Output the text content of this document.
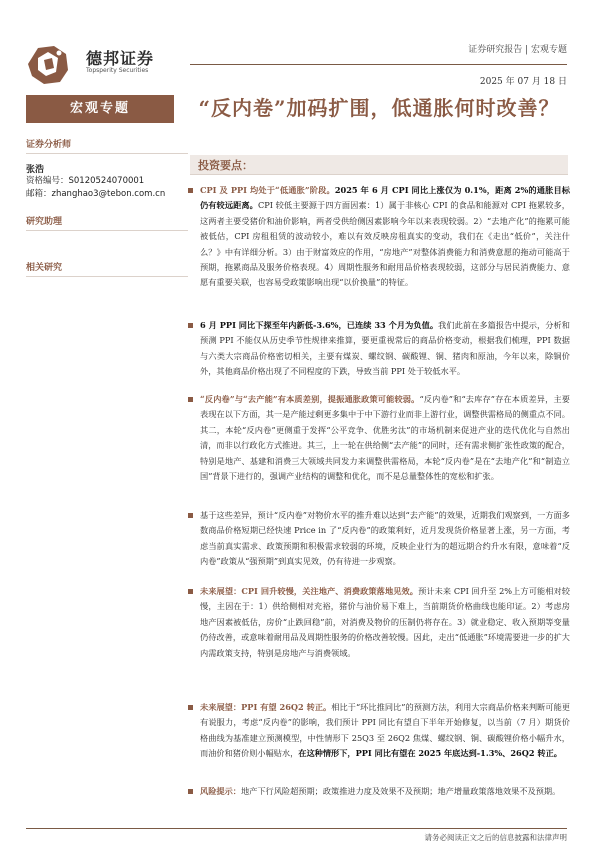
德邦证券
Topsperity Securities
证券研究报告 | 宏观专题
2025 年 07 月 18 日
宏观专题
证券分析师
张浩
资格编号：S0120524070001
邮箱：zhanghao3@tebon.com.cn
研究助理
相关研究
“反内卷”加码扩围，低通胀何时改善？
投资要点：
CPI 及 PPI 均处于“低通胀”阶段。2025 年 6 月 CPI 同比上涨仅为 0.1%，距离 2%的通胀目标仍有较远距离。CPI 较低主要源于四方面因素：1）属于非核心 CPI 的食品和能源对 CPI 拖累较多，这两者主要受猪价和油价影响，两者受供给侧因素影响今年以来表现较弱。2）“去地产化”的拖累可能被低估，CPI 房租租赁的波动较小，难以有效反映房租真实的变动，我们在《走出“低价”，关注什么？》中有详细分析。3）由于财富效应的作用，“房地产”对整体消费能力和消费意愿的拖动可能高于预期，拖累商品及服务价格表现。4）周期性服务和耐用品价格表现较弱，这部分与居民消费能力、意愿有重要关联，也容易受政策影响出现“以价换量”的特征。
6 月 PPI 同比下探至年内新低-3.6%，已连续 33 个月为负值。我们此前在多篇报告中提示，分析和预测 PPI 不能仅从历史季节性规律来推算，要更重视常后的商品价格变动，根据我们梳理，PPI 数据与六类大宗商品价格密切相关，主要有煤炭、螺纹钢、碳酸锂、铜、猪肉和原油，今年以来，除铜价外，其他商品价格出现了不同程度的下跌，导致当前 PPI 处于较低水平。
“反内卷”与“去产能”有本质差别，提振通胀政策可能较弱。“反内卷”和“去库存”存在本质差异，主要表现在以下方面，其一是产能过剩更多集中于中下游行业而非上游行业，调整供需格局的侧重点不同。其二，本轮“反内卷”更侧重于发挥“公平竞争、优胜劣汰”的市场机制来促进产业的迭代优化与自然出清，而非以行政化方式推进。其三，上一轮在供给侧“去产能”的同时，还有需求侧扩张性政策的配合，特别是地产、基建和消费三大领域共同发力来调整供需格局，本轮“反内卷”是在“去地产化”和“制造立国”背景下进行的，强调产业结构的调整和优化，而不是总量整体性的宽松和扩张。
基于这些差异，预计“反内卷”对物价水平的推升难以达到“去产能”的效果，近期我们观察到，一方面多数商品价格短期已经快速 Price in 了“反内卷”的政策利好，近月发现货价格显著上涨，另一方面，考虑当前真实需求、政策预期和积极需求较弱的环境，反映企业行为的超远期合约升水有限，意味着“反内卷”政策从“强预期”到真实见效，仍有待进一步观察。
未来展望：CPI 回升较慢，关注地产、消费政策落地见效。预计未来 CPI 回升至 2%上方可能相对较慢，主因在于：1）供给侧相对充裕，猪价与油价易下难上，当前期货价格曲线也能印证。2）考虑房地产因素被低估，房价“止跌回稳”前，对消费及物价的压制仍将存在。3）就业稳定、收入预期等变量仍待改善，或意味着耐用品及周期性服务的价格改善较慢。因此，走出“低通胀”环境需要进一步的扩大内需政策支持，特别是房地产与消费领域。
未来展望：PPI 有望 26Q2 转正。相比于“环比推同比”的预测方法，利用大宗商品价格来判断可能更有说服力，考虑“反内卷”的影响，我们预计 PPI 同比有望自下半年开始修复，以当前（7 月）期货价格曲线为基准建立预测模型，中性情形下 25Q3 至 26Q2 焦煤、螺纹钢、铜、碳酸锂价格小幅升水，而油价和猪价则小幅贴水，在这种情形下，PPI 同比有望在 2025 年底达到-1.3%、26Q2 转正。
风险提示：地产下行风险超预期；政策推进力度及效果不及预期；地产增量政策落地效果不及预期。
请务必阅读正文之后的信息披露和法律声明
